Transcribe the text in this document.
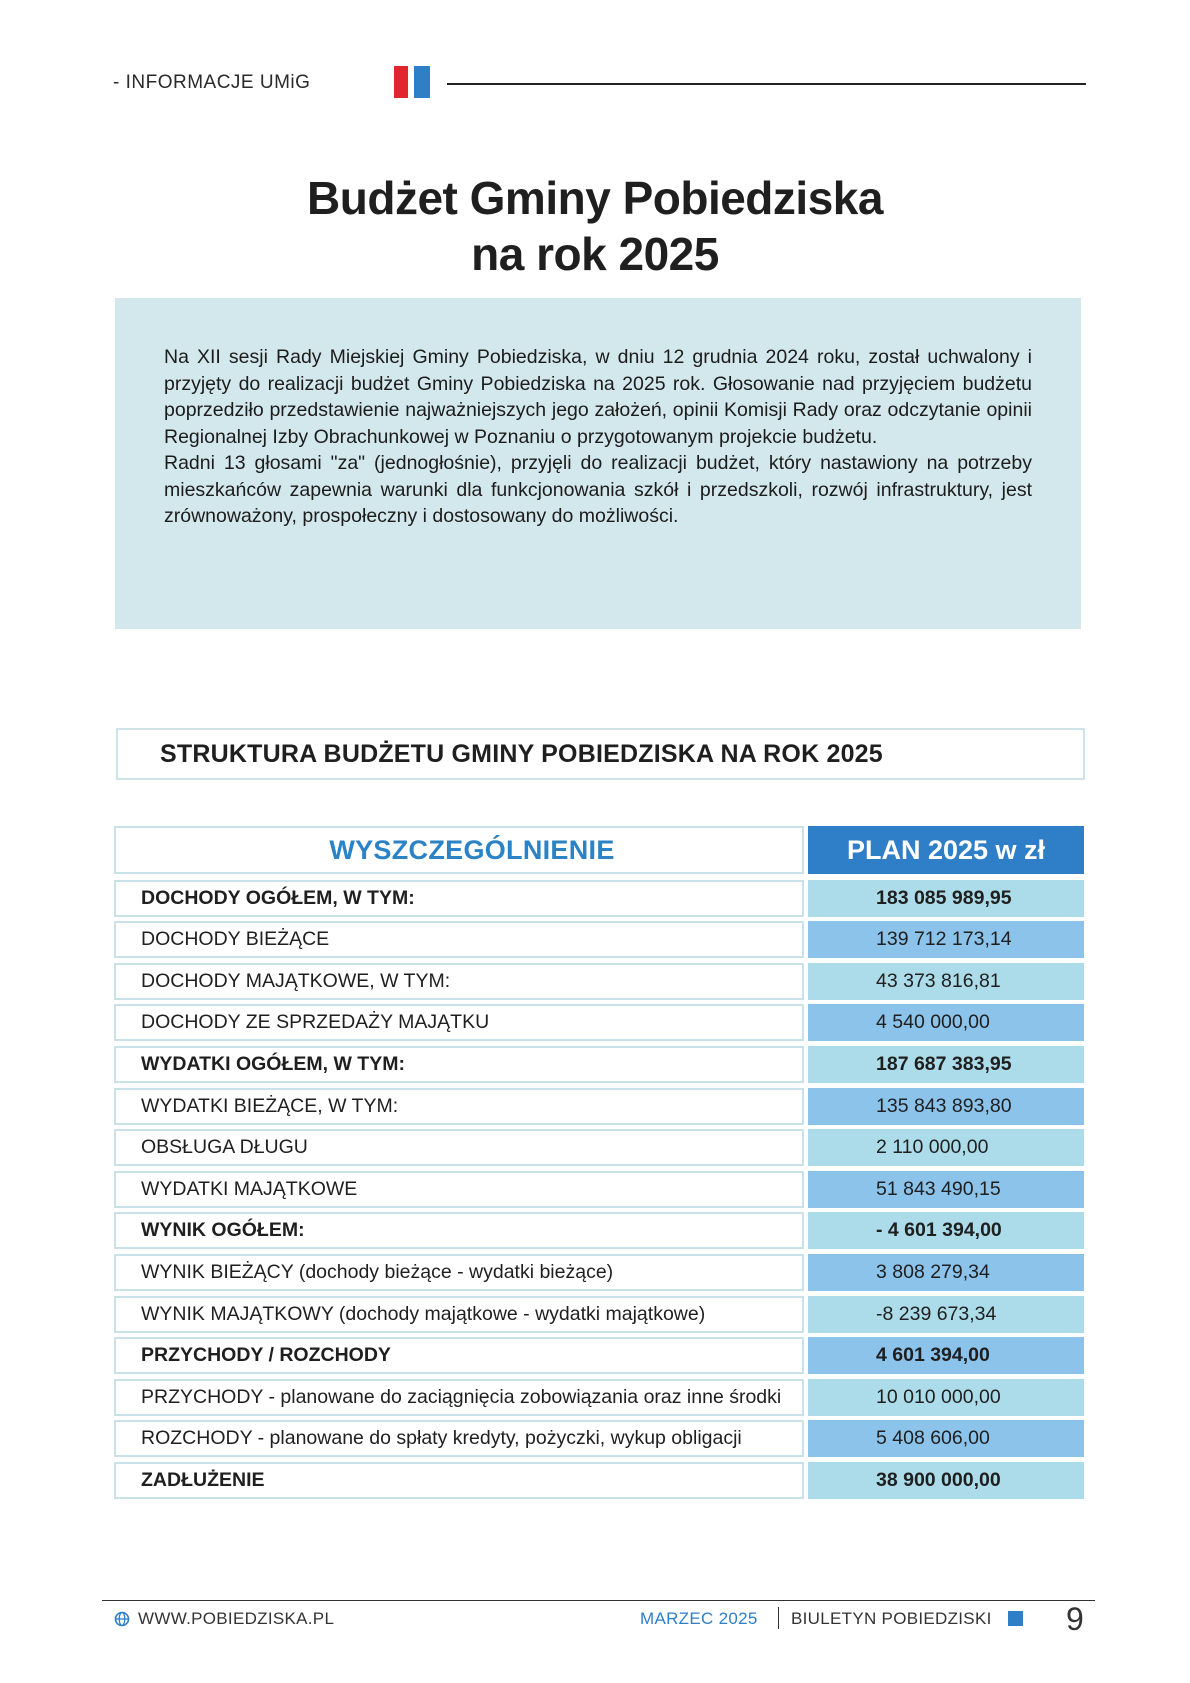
- INFORMACJE UMiG
Budżet Gminy Pobiedziska
na rok 2025

Na XII sesji Rady Miejskiej Gminy Pobiedziska, w dniu 12 grudnia 2024 roku, został uchwalony i przyjęty do realizacji budżet Gminy Pobiedziska na 2025 rok. Głosowanie nad przyjęciem budżetu poprzedziło przedstawienie najważniejszych jego założeń, opinii Komisji Rady oraz odczytanie opinii Regionalnej Izby Obrachunkowej w Poznaniu o przygotowanym projekcie budżetu.

Radni 13 głosami "za" (jednogłośnie), przyjęli do realizacji budżet, który nastawiony na potrzeby mieszkańców zapewnia warunki dla funkcjonowania szkół i przedszkoli, rozwój infrastruktury, jest zrównoważony, prospołeczny i dostosowany do możliwości.

STRUKTURA BUDŻETU GMINY POBIEDZISKA NA ROK 2025
WYSZCZEGÓLNIENIE	PLAN 2025 w zł
DOCHODY OGÓŁEM, W TYM:	183 085 989,95
DOCHODY BIEŻĄCE	139 712 173,14
DOCHODY MAJĄTKOWE, W TYM:	43 373 816,81
DOCHODY ZE SPRZEDAŻY MAJĄTKU	4 540 000,00
WYDATKI OGÓŁEM, W TYM:	187 687 383,95
WYDATKI BIEŻĄCE, W TYM:	135 843 893,80
OBSŁUGA DŁUGU	2 110 000,00
WYDATKI MAJĄTKOWE	51 843 490,15
WYNIK OGÓŁEM:	- 4 601 394,00
WYNIK BIEŻĄCY (dochody bieżące - wydatki bieżące)	3 808 279,34
WYNIK MAJĄTKOWY (dochody majątkowe - wydatki majątkowe)	-8 239 673,34
PRZYCHODY / ROZCHODY	4 601 394,00
PRZYCHODY - planowane do zaciągnięcia zobowiązania oraz inne środki	10 010 000,00
ROZCHODY - planowane do spłaty kredyty, pożyczki, wykup obligacji	5 408 606,00
ZADŁUŻENIE	38 900 000,00
WWW.POBIEDZISKA.PL	MARZEC 2025 BIULETYN POBIEDZISKI 9
